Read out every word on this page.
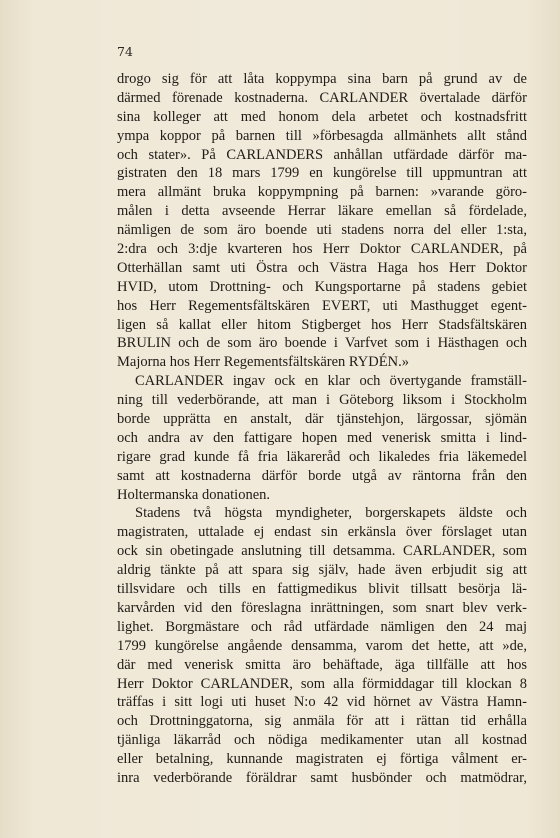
74
drogo sig för att låta koppympa sina barn på grund av de
därmed förenade kostnaderna. CARLANDER övertalade därför
sina kolleger att med honom dela arbetet och kostnadsfritt
ympa koppor på barnen till »förbesagda allmänhets allt stånd
och stater». På CARLANDERS anhållan utfärdade därför ma-
gistraten den 18 mars 1799 en kungörelse till uppmuntran att
mera allmänt bruka koppympning på barnen: »varande göro-
målen i detta avseende Herrar läkare emellan så fördelade,
nämligen de som äro boende uti stadens norra del eller 1:sta,
2:dra och 3:dje kvarteren hos Herr Doktor CARLANDER, på
Otterhällan samt uti Östra och Västra Haga hos Herr Doktor
HVID, utom Drottning- och Kungsportarne på stadens gebiet
hos Herr Regementsfältskären EVERT, uti Masthugget egent-
ligen så kallat eller hitom Stigberget hos Herr Stadsfältskären
BRULIN och de som äro boende i Varfvet som i Hästhagen och
Majorna hos Herr Regementsfältskären RYDÉN.»
CARLANDER ingav ock en klar och övertygande framställ-
ning till vederbörande, att man i Göteborg liksom i Stockholm
borde upprätta en anstalt, där tjänstehjon, lärgossar, sjömän
och andra av den fattigare hopen med venerisk smitta i lind-
rigare grad kunde få fria läkareråd och likaledes fria läkemedel
samt att kostnaderna därför borde utgå av räntorna från den
Holtermanska donationen.
Stadens två högsta myndigheter, borgerskapets äldste och
magistraten, uttalade ej endast sin erkänsla över förslaget utan
ock sin obetingade anslutning till detsamma. CARLANDER, som
aldrig tänkte på att spara sig själv, hade även erbjudit sig att
tillsvidare och tills en fattigmedikus blivit tillsatt besörja lä-
karvården vid den föreslagna inrättningen, som snart blev verk-
lighet. Borgmästare och råd utfärdade nämligen den 24 maj
1799 kungörelse angående densamma, varom det hette, att »de,
där med venerisk smitta äro behäftade, äga tillfälle att hos
Herr Doktor CARLANDER, som alla förmiddagar till klockan 8
träffas i sitt logi uti huset N:o 42 vid hörnet av Västra Hamn-
och Drottninggatorna, sig anmäla för att i rättan tid erhålla
tjänliga läkarråd och nödiga medikamenter utan all kostnad
eller betalning, kunnande magistraten ej förtiga vålment er-
inra vederbörande föräldrar samt husbönder och matmödrar,
